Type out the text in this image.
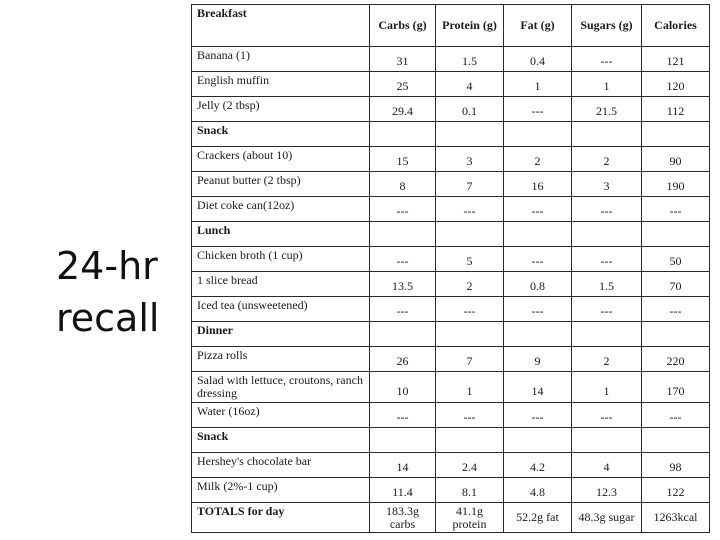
24-hr
recall
Breakfast	Carbs (g)	Protein (g)	Fat (g)	Sugars (g)	Calories
Banana (1)	31	1.5	0.4	---	121
English muffin	25	4	1	1	120
Jelly (2 tbsp)	29.4	0.1	---	21.5	112
Snack					
Crackers (about 10)	15	3	2	2	90
Peanut butter (2 tbsp)	8	7	16	3	190
Diet coke can(12oz)	---	---	---	---	---
Lunch					
Chicken broth (1 cup)	---	5	---	---	50
1 slice bread	13.5	2	0.8	1.5	70
Iced tea (unsweetened)	---	---	---	---	---
Dinner					
Pizza rolls	26	7	9	2	220
Salad with lettuce, croutons, ranch dressing	10	1	14	1	170
Water (16oz)	---	---	---	---	---
Snack					
Hershey's chocolate bar	14	2.4	4.2	4	98
Milk (2%-1 cup)	11.4	8.1	4.8	12.3	122
TOTALS for day	183.3g carbs	41.1g protein	52.2g fat	48.3g sugar	1263kcal
